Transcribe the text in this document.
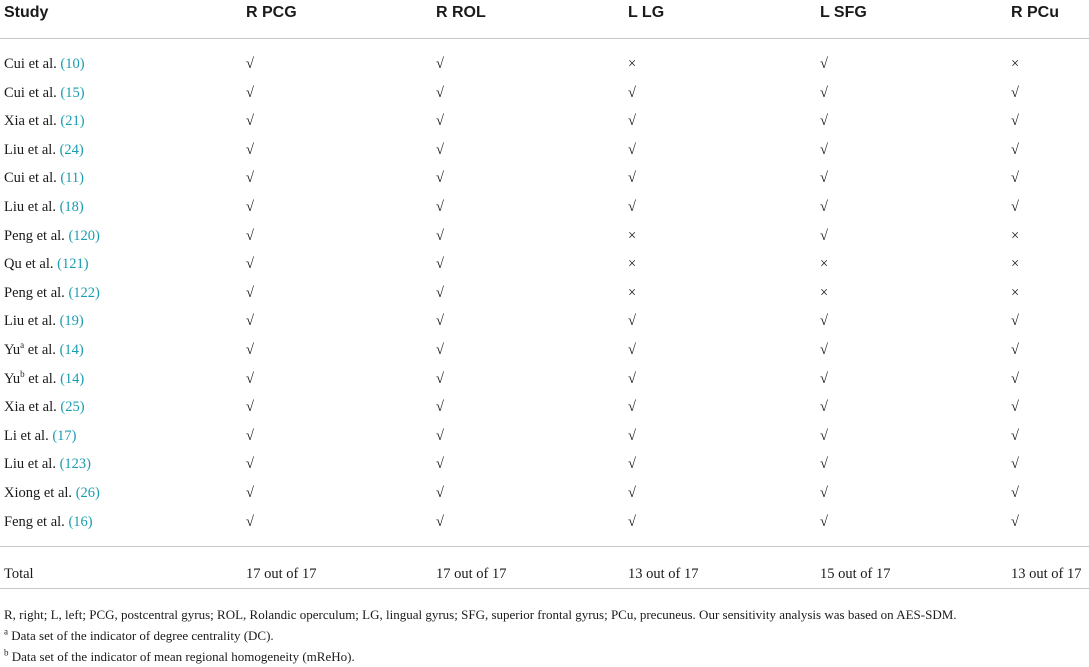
Study	R PCG	R ROL	L LG	L SFG	R PCu
Cui et al. (10)	√	√	×	√	×
Cui et al. (15)	√	√	√	√	√
Xia et al. (21)	√	√	√	√	√
Liu et al. (24)	√	√	√	√	√
Cui et al. (11)	√	√	√	√	√
Liu et al. (18)	√	√	√	√	√
Peng et al. (120)	√	√	×	√	×
Qu et al. (121)	√	√	×	×	×
Peng et al. (122)	√	√	×	×	×
Liu et al. (19)	√	√	√	√	√
Yu$^a$ et al. (14)	√	√	√	√	√
Yu$^b$ et al. (14)	√	√	√	√	√
Xia et al. (25)	√	√	√	√	√
Li et al. (17)	√	√	√	√	√
Liu et al. (123)	√	√	√	√	√
Xiong et al. (26)	√	√	√	√	√
Feng et al. (16)	√	√	√	√	√
Total	17 out of 17	17 out of 17	13 out of 17	15 out of 17	13 out of 17
R, right; L, left; PCG, postcentral gyrus; ROL, Rolandic operculum; LG, lingual gyrus; SFG, superior frontal gyrus; PCu, precuneus. Our sensitivity analysis was based on AES-SDM.
$^a$ Data set of the indicator of degree centrality (DC).
$^b$ Data set of the indicator of mean regional homogeneity (mReHo).
